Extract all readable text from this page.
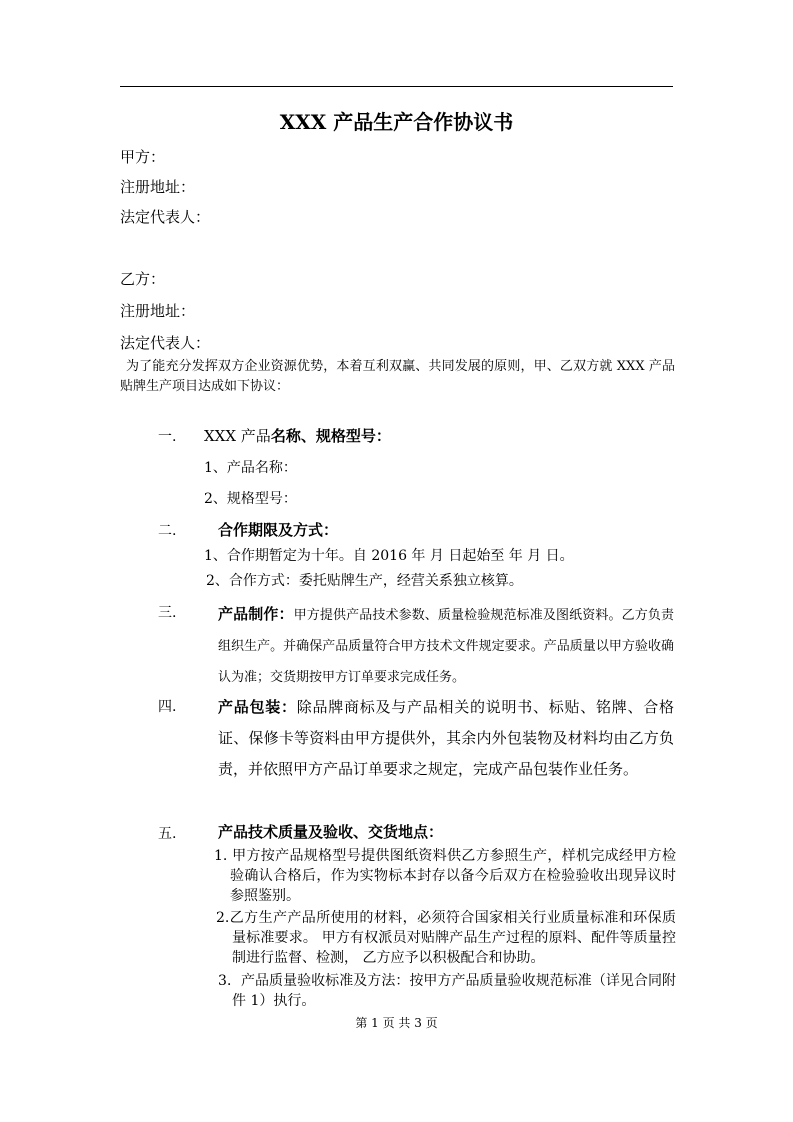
XXX 产品生产合作协议书
甲方：
注册地址：
法定代表人：
乙方：
注册地址：
法定代表人：
为了能充分发挥双方企业资源优势，本着互利双赢、共同发展的原则，甲、乙双方就 XXX 产品贴牌生产项目达成如下协议：
一. XXX 产品名称、规格型号：
1、产品名称：
2、规格型号：
二.	合作期限及方式：
1、合作期暂定为十年。自 2016 年 月 日起始至 年 月 日。
2、合作方式：委托贴牌生产，经营关系独立核算。
三.	产品制作：甲方提供产品技术参数、质量检验规范标准及图纸资料。乙方负责组织生产。并确保产品质量符合甲方技术文件规定要求。产品质量以甲方验收确认为准；交货期按甲方订单要求完成任务。
四.	产品包装：除品牌商标及与产品相关的说明书、标贴、铭牌、合格证、保修卡等资料由甲方提供外，其余内外包装物及材料均由乙方负责，并依照甲方产品订单要求之规定，完成产品包装作业任务。
五.	产品技术质量及验收、交货地点：
1. 甲方按产品规格型号提供图纸资料供乙方参照生产，样机完成经甲方检验确认合格后，作为实物标本封存以备今后双方在检验验收出现异议时参照鉴别。
2.乙方生产产品所使用的材料，必须符合国家相关行业质量标准和环保质量标准要求。 甲方有权派员对贴牌产品生产过程的原料、配件等质量控制进行监督、检测， 乙方应予以积极配合和协助。
3．产品质量验收标准及方法：按甲方产品质量验收规范标准（详见合同附件 1）执行。
第 1 页 共 3 页
